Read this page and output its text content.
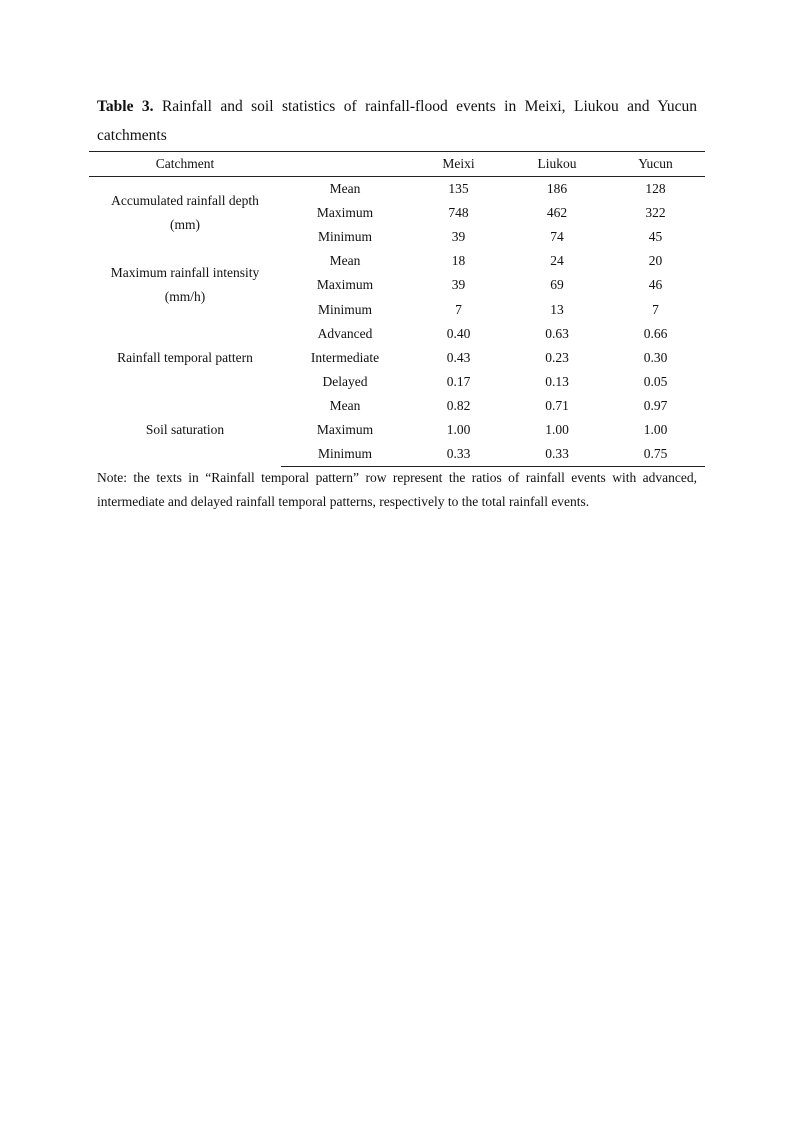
Table 3. Rainfall and soil statistics of rainfall-flood events in Meixi, Liukou and Yucun catchments
Catchment		Meixi	Liukou	Yucun

Accumulated rainfall depth
(mm)	Mean	135	186	128
	Maximum	748	462	322
	Minimum	39	74	45

Maximum rainfall intensity
(mm/h)	Mean	18	24	20
	Maximum	39	69	46
	Minimum	7	13	7

Rainfall temporal pattern	Advanced	0.40	0.63	0.66
	Intermediate	0.43	0.23	0.30
	Delayed	0.17	0.13	0.05

Soil saturation	Mean	0.82	0.71	0.97
	Maximum	1.00	1.00	1.00
	Minimum	0.33	0.33	0.75
Note: the texts in “Rainfall temporal pattern” row represent the ratios of rainfall events with advanced, intermediate and delayed rainfall temporal patterns, respectively to the total rainfall events.
